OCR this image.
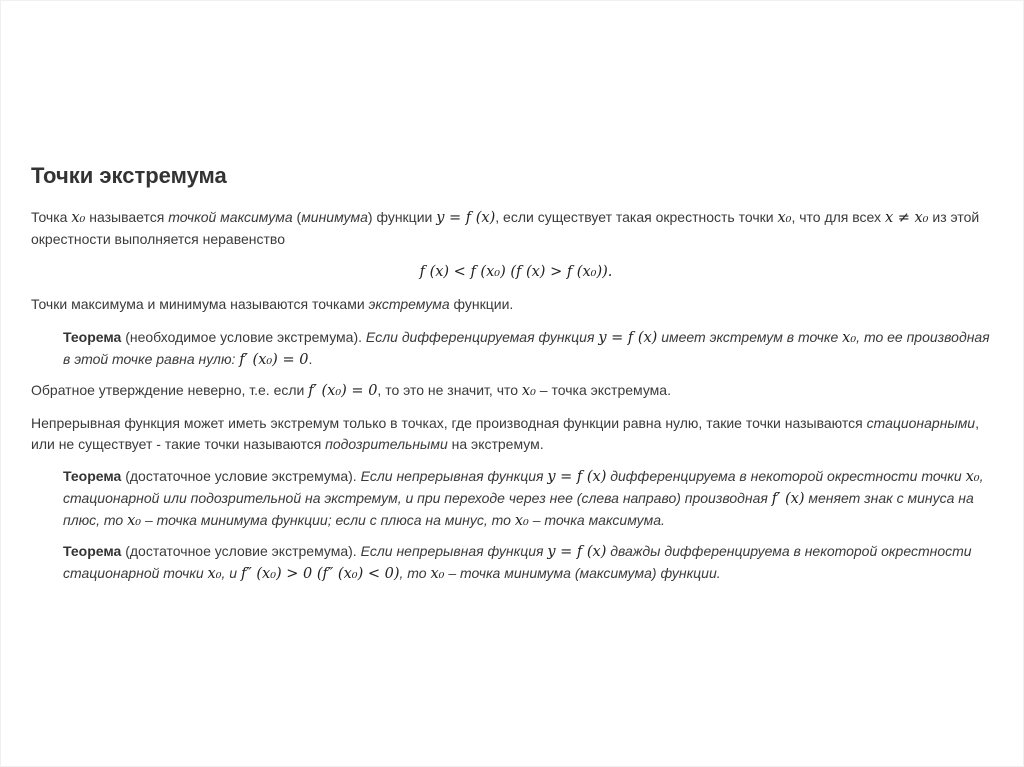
Точки экстремума

Точка x₀ называется точкой максимума (минимума) функции y = f (x), если существует такая окрестность точки x₀, что для всех x ≠ x₀ из этой окрестности выполняется неравенство

f (x) < f (x₀) (f (x) > f (x₀)).

Точки максимума и минимума называются точками экстремума функции.

Теорема (необходимое условие экстремума). Если дифференцируемая функция y = f (x) имеет экстремум в точке x₀, то ее производная в этой точке равна нулю: f′ (x₀) = 0.

Обратное утверждение неверно, т.е. если f′ (x₀) = 0, то это не значит, что x₀ – точка экстремума.

Непрерывная функция может иметь экстремум только в точках, где производная функции равна нулю, такие точки называются стационарными, или не существует - такие точки называются подозрительными на экстремум.

Теорема (достаточное условие экстремума). Если непрерывная функция y = f (x) дифференцируема в некоторой окрестности точки x₀, стационарной или подозрительной на экстремум, и при переходе через нее (слева направо) производная f′ (x) меняет знак с минуса на плюс, то x₀ – точка минимума функции; если с плюса на минус, то x₀ – точка максимума.

Теорема (достаточное условие экстремума). Если непрерывная функция y = f (x) дважды дифференцируема в некоторой окрестности стационарной точки x₀, и f″ (x₀) > 0 (f″ (x₀) < 0), то x₀ – точка минимума (максимума) функции.
